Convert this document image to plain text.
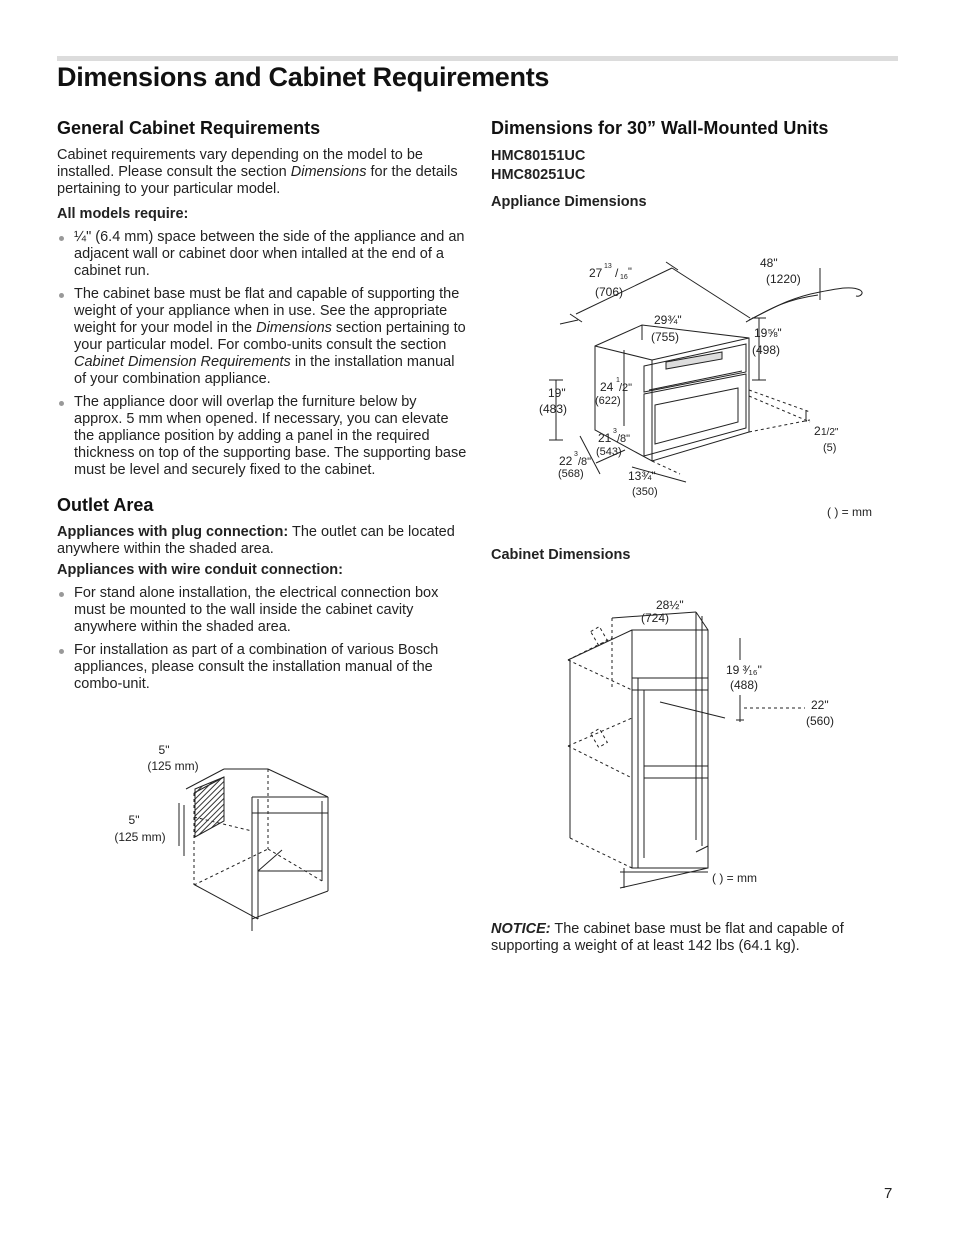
Dimensions and Cabinet Requirements
General Cabinet Requirements

Cabinet requirements vary depending on the model to be installed. Please consult the section Dimensions for the details pertaining to your particular model.

All models require:

¼" (6.4 mm) space between the side of the appliance and an adjacent wall or cabinet door when intalled at the end of a cabinet run.
The cabinet base must be flat and capable of supporting the weight of your appliance when in use. See the appropriate weight for your model in the Dimensions section pertaining to your particular model. For combo-units consult the section Cabinet Dimension Requirements in the installation manual of your combination appliance.
The appliance door will overlap the furniture below by approx. 5 mm when opened. If necessary, you can elevate the appliance position by adding a panel in the required thickness on top of the supporting base. The supporting base must be level and securely fixed to the cabinet.
Outlet Area

Appliances with plug connection: The outlet can be located anywhere within the shaded area.

Appliances with wire conduit connection:

For stand alone installation, the electrical connection box must be mounted to the wall inside the cabinet cavity anywhere within the shaded area.
For installation as part of a combination of various Bosch appliances, please consult the installation manual of the combo-unit.
5"
(125 mm)
5"
(125 mm)
Dimensions for 30” Wall-Mounted Units
HMC80151UC
HMC80251UC

Appliance Dimensions

27 13 / 16 "
(706)
48"
(1220)
29¾"
(755)	19⅝"
(498)
24 1
/2"
(622)
19"
(483)
2 1/2"
(5)
21 3
/8"
(543)
22 3
/8"
(568)	13¾"
(350)
( ) = mm

Cabinet Dimensions

28½"
(724)
19 ³⁄₁₆"
(488)
22"
(560)
( ) = mm

NOTICE: The cabinet base must be flat and capable of supporting a weight of at least 142 lbs (64.1 kg).

7
